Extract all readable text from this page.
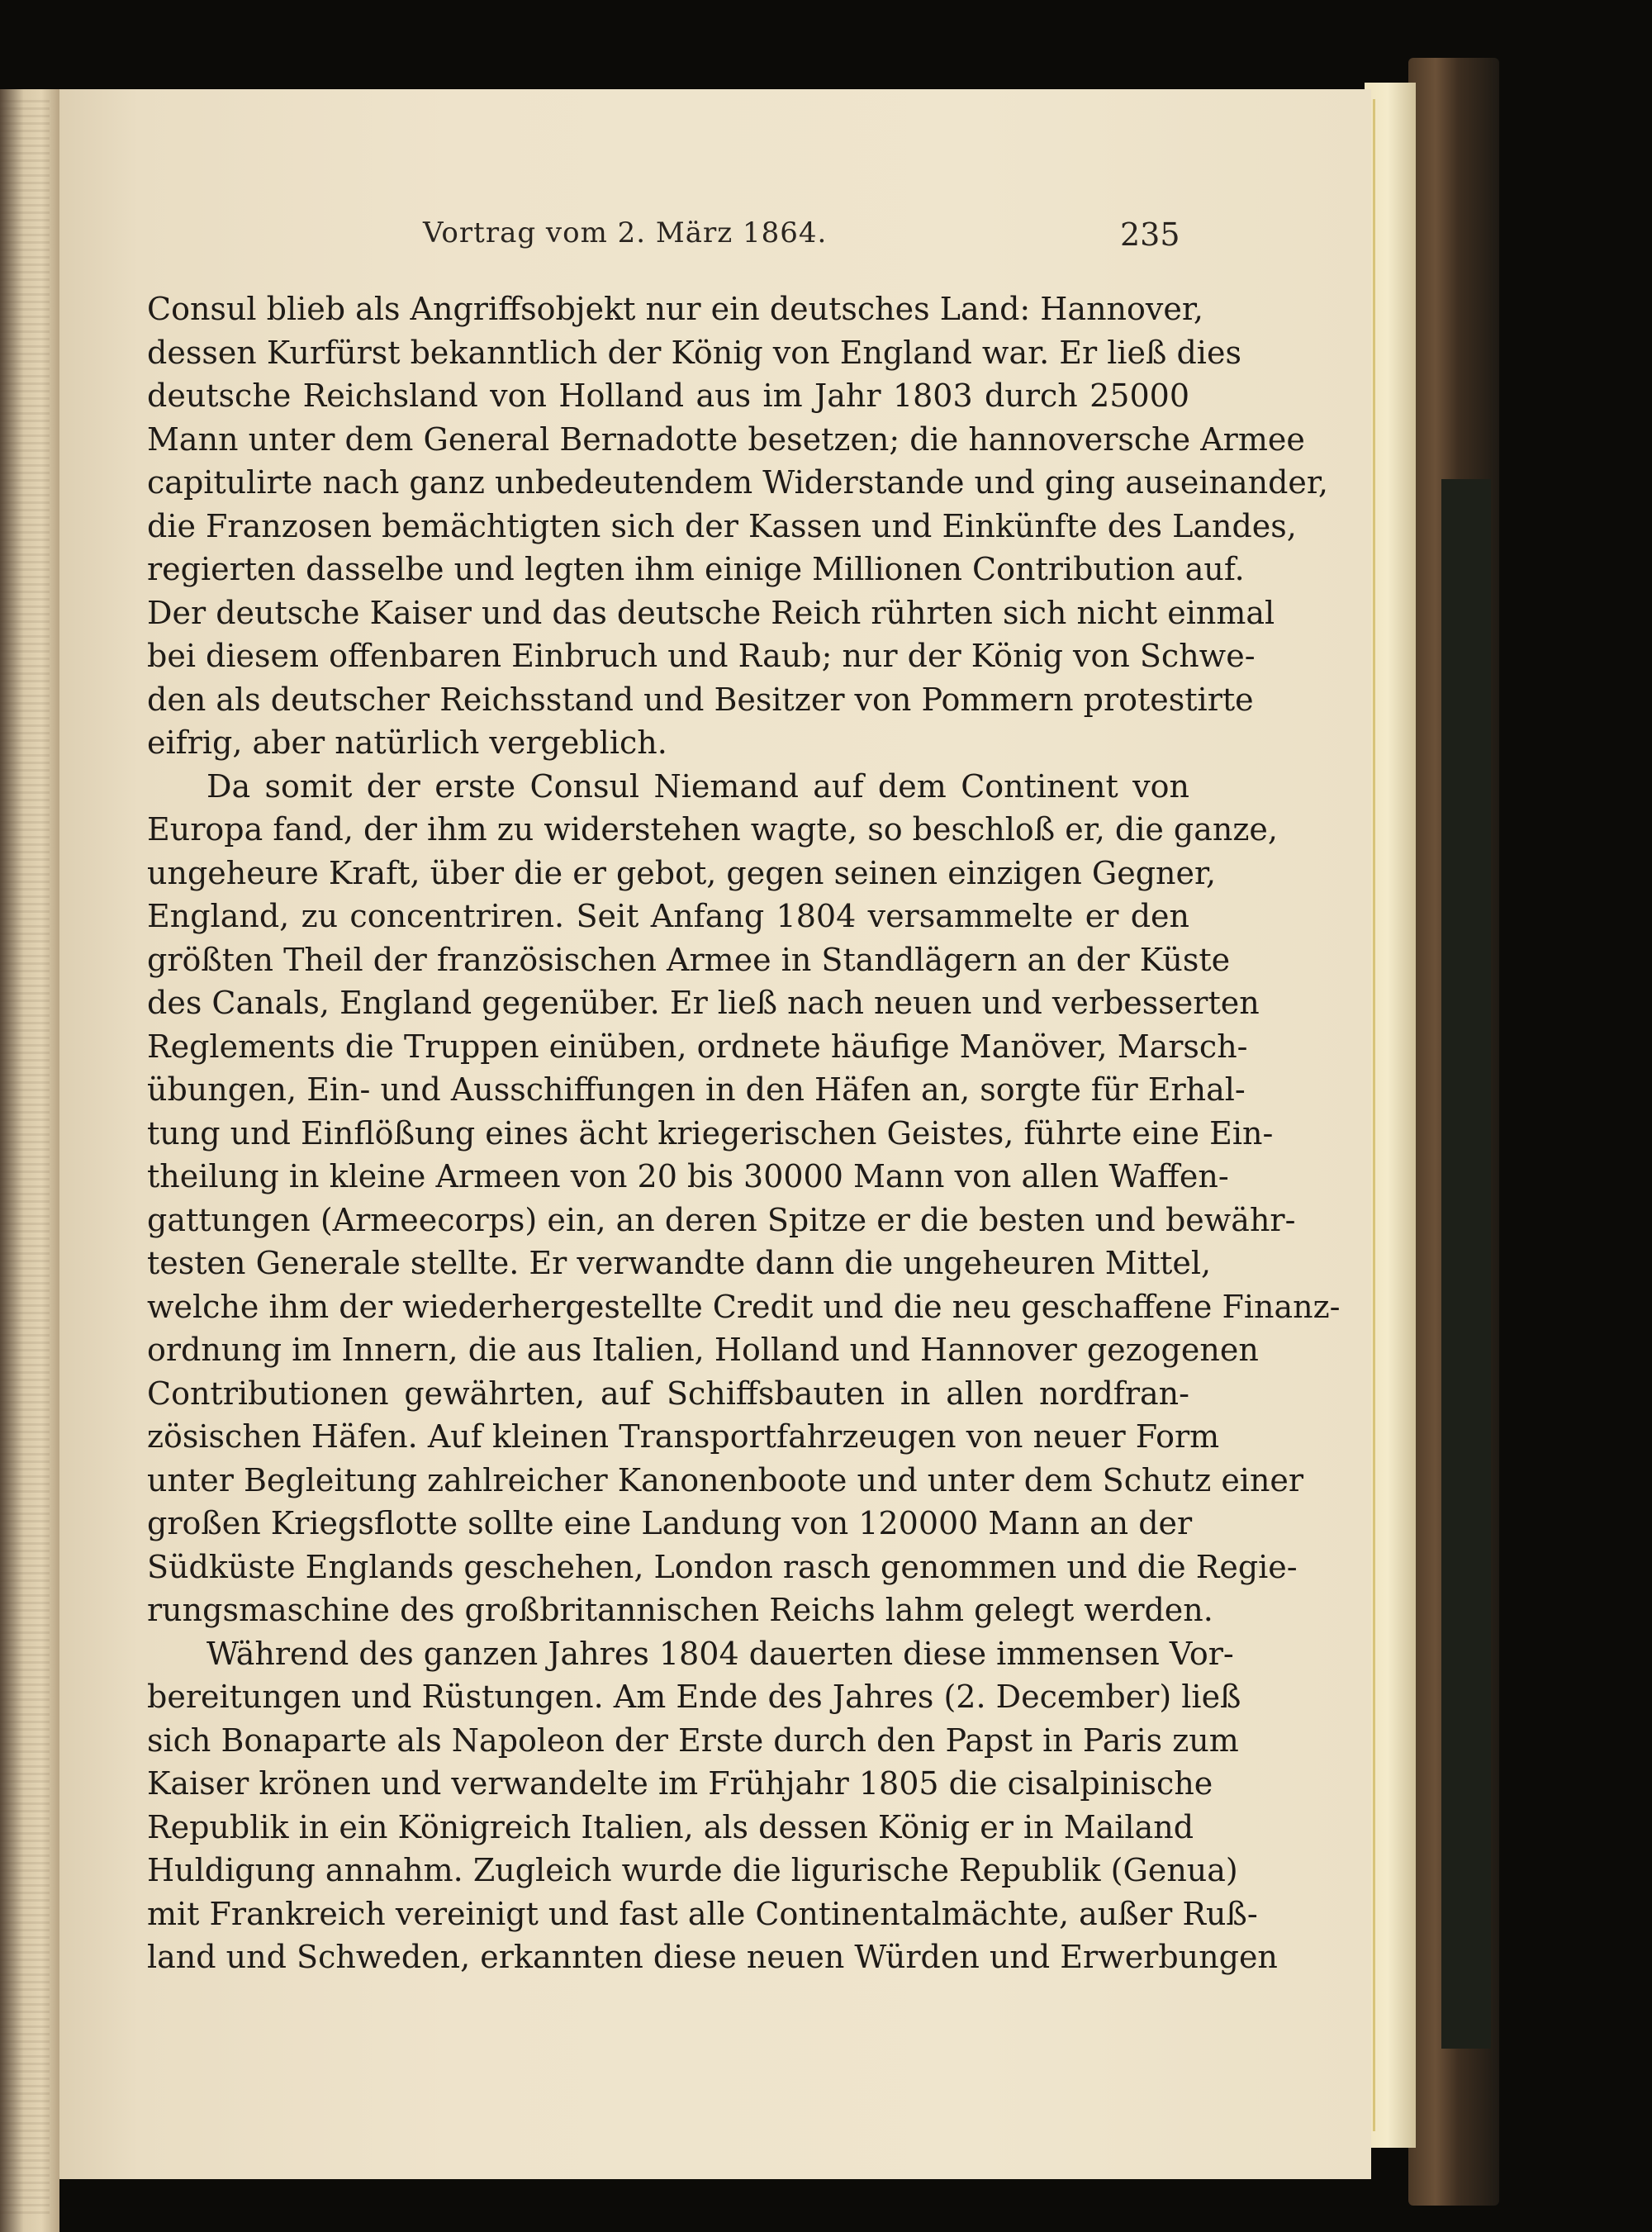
Vortrag vom 2. März 1864.	235
Consul blieb als Angriffsobjekt nur ein deutsches Land: Hannover,
dessen Kurfürst bekanntlich der König von England war. Er ließ dies
deutsche Reichsland von Holland aus im Jahr 1803 durch 25000
Mann unter dem General Bernadotte besetzen; die hannoversche Armee
capitulirte nach ganz unbedeutendem Widerstande und ging auseinander,
die Franzosen bemächtigten sich der Kassen und Einkünfte des Landes,
regierten dasselbe und legten ihm einige Millionen Contribution auf.
Der deutsche Kaiser und das deutsche Reich rührten sich nicht einmal
bei diesem offenbaren Einbruch und Raub; nur der König von Schwe-
den als deutscher Reichsstand und Besitzer von Pommern protestirte
eifrig, aber natürlich vergeblich.
Da somit der erste Consul Niemand auf dem Continent von
Europa fand, der ihm zu widerstehen wagte, so beschloß er, die ganze,
ungeheure Kraft, über die er gebot, gegen seinen einzigen Gegner,
England, zu concentriren. Seit Anfang 1804 versammelte er den
größten Theil der französischen Armee in Standlägern an der Küste
des Canals, England gegenüber. Er ließ nach neuen und verbesserten
Reglements die Truppen einüben, ordnete häufige Manöver, Marsch-
übungen, Ein- und Ausschiffungen in den Häfen an, sorgte für Erhal-
tung und Einflößung eines ächt kriegerischen Geistes, führte eine Ein-
theilung in kleine Armeen von 20 bis 30000 Mann von allen Waffen-
gattungen (Armeecorps) ein, an deren Spitze er die besten und bewähr-
testen Generale stellte. Er verwandte dann die ungeheuren Mittel,
welche ihm der wiederhergestellte Credit und die neu geschaffene Finanz-
ordnung im Innern, die aus Italien, Holland und Hannover gezogenen
Contributionen gewährten, auf Schiffsbauten in allen nordfran-
zösischen Häfen. Auf kleinen Transportfahrzeugen von neuer Form
unter Begleitung zahlreicher Kanonenboote und unter dem Schutz einer
großen Kriegsflotte sollte eine Landung von 120000 Mann an der
Südküste Englands geschehen, London rasch genommen und die Regie-
rungsmaschine des großbritannischen Reichs lahm gelegt werden.
Während des ganzen Jahres 1804 dauerten diese immensen Vor-
bereitungen und Rüstungen. Am Ende des Jahres (2. December) ließ
sich Bonaparte als Napoleon der Erste durch den Papst in Paris zum
Kaiser krönen und verwandelte im Frühjahr 1805 die cisalpinische
Republik in ein Königreich Italien, als dessen König er in Mailand
Huldigung annahm. Zugleich wurde die ligurische Republik (Genua)
mit Frankreich vereinigt und fast alle Continentalmächte, außer Ruß-
land und Schweden, erkannten diese neuen Würden und Erwerbungen
